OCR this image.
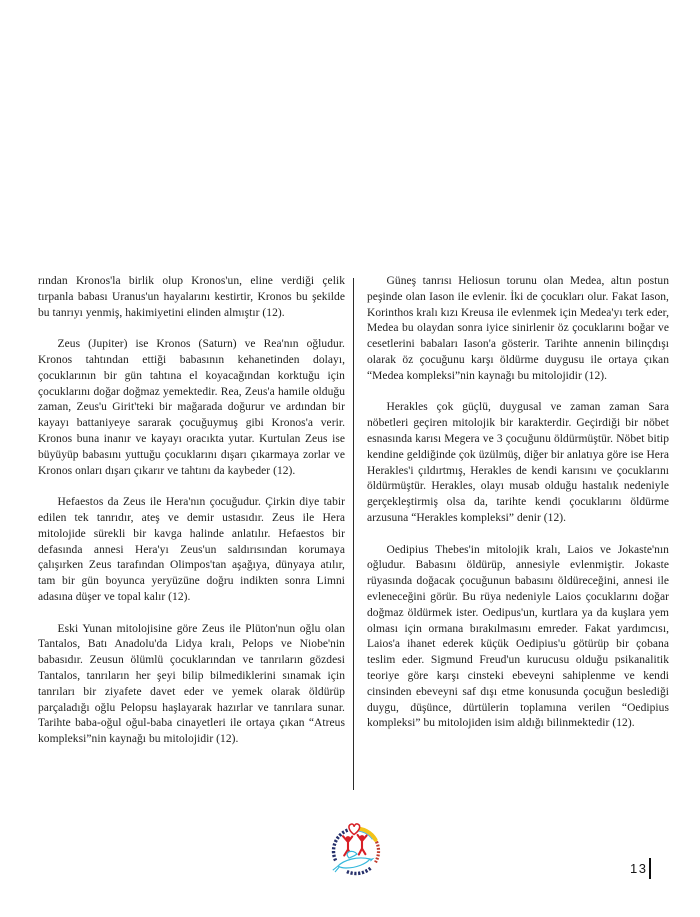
rından Kronos'la birlik olup Kronos'un, eline verdiği çelik tırpanla babası Uranus'un hayalarını kestirtir, Kronos bu şekilde bu tanrıyı yenmiş, hakimiyetini elinden almıştır (12).

Zeus (Jupiter) ise Kronos (Saturn) ve Rea'nın oğludur. Kronos tahtından ettiği babasının kehanetinden dolayı, çocuklarının bir gün tahtına el koyacağından korktuğu için çocuklarını doğar doğmaz yemektedir. Rea, Zeus'a hamile olduğu zaman, Zeus'u Girit'teki bir mağarada doğurur ve ardından bir kayayı battaniyeye sararak çocuğuymuş gibi Kronos'a verir. Kronos buna inanır ve kayayı oracıkta yutar. Kurtulan Zeus ise büyüyüp babasını yuttuğu çocuklarını dışarı çıkarmaya zorlar ve Kronos onları dışarı çıkarır ve tahtını da kaybeder (12).

Hefaestos da Zeus ile Hera'nın çocuğudur. Çirkin diye tabir edilen tek tanrıdır, ateş ve demir ustasıdır. Zeus ile Hera mitolojide sürekli bir kavga halinde anlatılır. Hefaestos bir defasında annesi Hera'yı Zeus'un saldırısından korumaya çalışırken Zeus tarafından Olimpos'tan aşağıya, dünyaya atılır, tam bir gün boyunca yeryüzüne doğru indikten sonra Limni adasına düşer ve topal kalır (12).

Eski Yunan mitolojisine göre Zeus ile Plüton'nun oğlu olan Tantalos, Batı Anadolu'da Lidya kralı, Pelops ve Niobe'nin babasıdır. Zeusun ölümlü çocuklarından ve tanrıların gözdesi Tantalos, tanrıların her şeyi bilip bilmediklerini sınamak için tanrıları bir ziyafete davet eder ve yemek olarak öldürüp parçaladığı oğlu Pelopsu haşlayarak hazırlar ve tanrılara sunar. Tarihte baba-oğul oğul-baba cinayetleri ile ortaya çıkan “Atreus kompleksi”nin kaynağı bu mitolojidir (12).

Güneş tanrısı Heliosun torunu olan Medea, altın postun peşinde olan Iason ile evlenir. İki de çocukları olur. Fakat Iason, Korinthos kralı kızı Kreusa ile evlenmek için Medea'yı terk eder, Medea bu olaydan sonra iyice sinirlenir öz çocuklarını boğar ve cesetlerini babaları Iason'a gösterir. Tarihte annenin bilinçdışı olarak öz çocuğunu karşı öldürme duygusu ile ortaya çıkan “Medea kompleksi”nin kaynağı bu mitolojidir (12).

Herakles çok güçlü, duygusal ve zaman zaman Sara nöbetleri geçiren mitolojik bir karakterdir. Geçirdiği bir nöbet esnasında karısı Megera ve 3 çocuğunu öldürmüştür. Nöbet bitip kendine geldiğinde çok üzülmüş, diğer bir anlatıya göre ise Hera Herakles'i çıldırtmış, Herakles de kendi karısını ve çocuklarını öldürmüştür. Herakles, olayı musab olduğu hastalık nedeniyle gerçekleştirmiş olsa da, tarihte kendi çocuklarını öldürme arzusuna “Herakles kompleksi” denir (12).

Oedipius Thebes'in mitolojik kralı, Laios ve Jokaste'nın oğludur. Babasını öldürüp, annesiyle evlenmiştir. Jokaste rüyasında doğacak çocuğunun babasını öldüreceğini, annesi ile evleneceğini görür. Bu rüya nedeniyle Laios çocuklarını doğar doğmaz öldürmek ister. Oedipus'un, kurtlara ya da kuşlara yem olması için ormana bırakılmasını emreder. Fakat yardımcısı, Laios'a ihanet ederek küçük Oedipius'u götürüp bir çobana teslim eder. Sigmund Freud'un kurucusu olduğu psikanalitik teoriye göre karşı cinsteki ebeveyni sahiplenme ve kendi cinsinden ebeveyni saf dışı etme konusunda çocuğun beslediği duygu, düşünce, dürtülerin toplamına verilen “Oedipius kompleksi” bu mitolojiden isim aldığı bilinmektedir (12).

13
